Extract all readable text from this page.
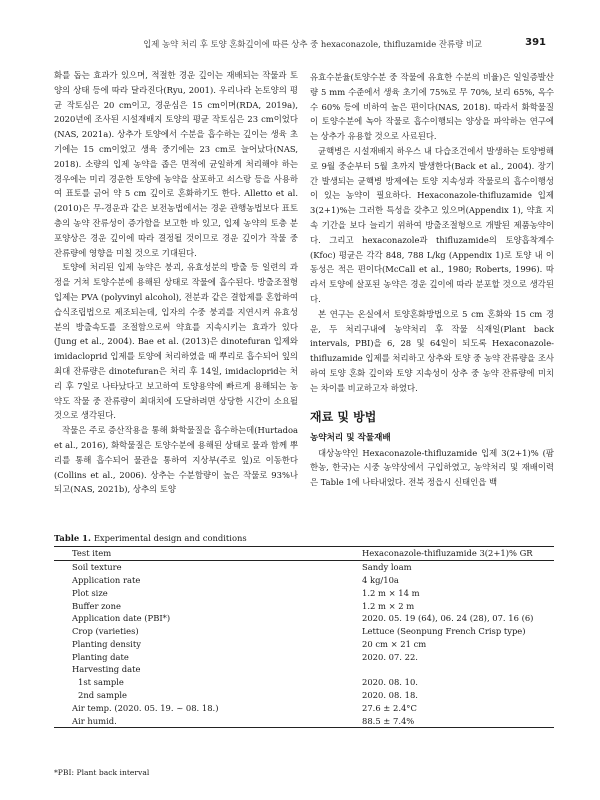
입제 농약 처리 후 토양 혼화깊이에 따른 상추 중 hexaconazole, thifluzamide 잔류량 비교	391

화를 돕는 효과가 있으며, 적절한 경운 깊이는 재배되는 작물과 토양의 상태 등에 따라 달라진다(Ryu, 2001). 우리나라 논토양의 평균 작토심은 20 cm이고, 경운심은 15 cm이며(RDA, 2019a), 2020년에 조사된 시설재배지 토양의 평균 작토심은 23 cm이었다(NAS, 2021a). 상추가 토양에서 수분을 흡수하는 깊이는 생육 초기에는 15 cm이었고 생육 중기에는 23 cm로 늘어났다(NAS, 2018). 소량의 입제 농약을 좁은 면적에 균일하게 처리해야 하는 경우에는 미리 경운한 토양에 농약을 살포하고 쇠스랑 등을 사용하여 표토를 긁어 약 5 cm 깊이로 혼화하기도 한다. Alletto et al. (2010)은 무-경운과 같은 보전농법에서는 경운 관행농법보다 표토층의 농약 잔류성이 증가함을 보고한 바 있고, 입제 농약의 토층 분포양상은 경운 깊이에 따라 결정될 것이므로 경운 깊이가 작물 중 잔류량에 영향을 미칠 것으로 기대된다.

토양에 처리된 입제 농약은 붕괴, 유효성분의 방출 등 일련의 과정을 거쳐 토양수분에 용해된 상태로 작물에 흡수된다. 방출조절형 입제는 PVA (polyvinyl alcohol), 전분과 같은 결합제를 혼합하여 습식조립법으로 제조되는데, 입자의 수중 붕괴를 지연시켜 유효성분의 방출속도를 조절함으로써 약효를 지속시키는 효과가 있다(Jung et al., 2004). Bae et al. (2013)은 dinotefuran 입제와 imidacloprid 입제를 토양에 처리하였을 때 뿌리로 흡수되어 잎의 최대 잔류량은 dinotefuran은 처리 후 14일, imidacloprid는 처리 후 7일로 나타났다고 보고하여 토양용약에 빠르게 용해되는 농약도 작물 중 잔류량이 최대치에 도달하려면 상당한 시간이 소요될 것으로 생각된다.

작물은 주로 증산작용을 통해 화학물질을 흡수하는데(Hurtadoa et al., 2016), 화학물질은 토양수분에 용해된 상태로 물과 함께 뿌리를 통해 흡수되어 물관을 통하여 지상부(주로 잎)로 이동한다(Collins et al., 2006). 상추는 수분함량이 높은 작물로 93%나 되고(NAS, 2021b), 상추의 토양

유효수분율(토양수분 중 작물에 유효한 수분의 비율)은 일일증발산량 5 mm 수준에서 생육 초기에 75%로 무 70%, 보리 65%, 옥수수 60% 등에 비하여 높은 편이다(NAS, 2018). 따라서 화학물질이 토양수분에 녹아 작물로 흡수이행되는 양상을 파악하는 연구에는 상추가 유용할 것으로 사료된다.

균핵병은 시설재배지 하우스 내 다습조건에서 발생하는 토양병해로 9월 중순부터 5월 초까지 발생한다(Back et al., 2004). 장기간 발생되는 균핵병 방제에는 토양 지속성과 작물로의 흡수이행성이 있는 농약이 필요하다. Hexaconazole-thifluzamide 입제 3(2+1)%는 그러한 특성을 갖추고 있으며(Appendix 1), 약효 지속 기간을 보다 늘리기 위하여 방출조절형으로 개발된 제품농약이다. 그리고 hexaconazole과 thifluzamide의 토양흡착계수(Kfoc) 평균은 각각 848, 788 L/kg (Appendix 1)로 토양 내 이동성은 적은 편이다(McCall et al., 1980; Roberts, 1996). 따라서 토양에 살포된 농약은 경운 깊이에 따라 분포할 것으로 생각된다.

본 연구는 온실에서 토양혼화방법으로 5 cm 혼화와 15 cm 경운, 두 처리구내에 농약처리 후 작물 식재일(Plant back intervals, PBI)을 6, 28 및 64일이 되도록 Hexaconazole-thifluzamide 입제를 처리하고 상추와 토양 중 농약 잔류량을 조사하여 토양 혼화 깊이와 토양 지속성이 상추 중 농약 잔류량에 미치는 차이를 비교하고자 하였다.

재료 및 방법
농약처리 및 작물재배

대상농약인 Hexaconazole-thifluzamide 입제 3(2+1)% (팜한농, 한국)는 시중 농약상에서 구입하였고, 농약처리 및 재배이력은 Table 1에 나타내었다. 전북 정읍시 신태인읍 백

Table 1. Experimental design and conditions
Test item	Hexaconazole-thifluzamide 3(2+1)% GR
Soil texture	Sandy loam
Application rate	4 kg/10a
Plot size	1.2 m × 14 m
Buffer zone	1.2 m × 2 m
Application date (PBI*)	2020. 05. 19 (64), 06. 24 (28), 07. 16 (6)
Crop (varieties)	Lettuce (Seonpung French Crisp type)
Planting density	20 cm × 21 cm
Planting date	2020. 07. 22.
Harvesting date	
1st sample	2020. 08. 10.
2nd sample	2020. 08. 18.
Air temp. (2020. 05. 19. ~ 08. 18.)	27.6 ± 2.4°C
Air humid.	88.5 ± 7.4%
*PBI: Plant back interval
